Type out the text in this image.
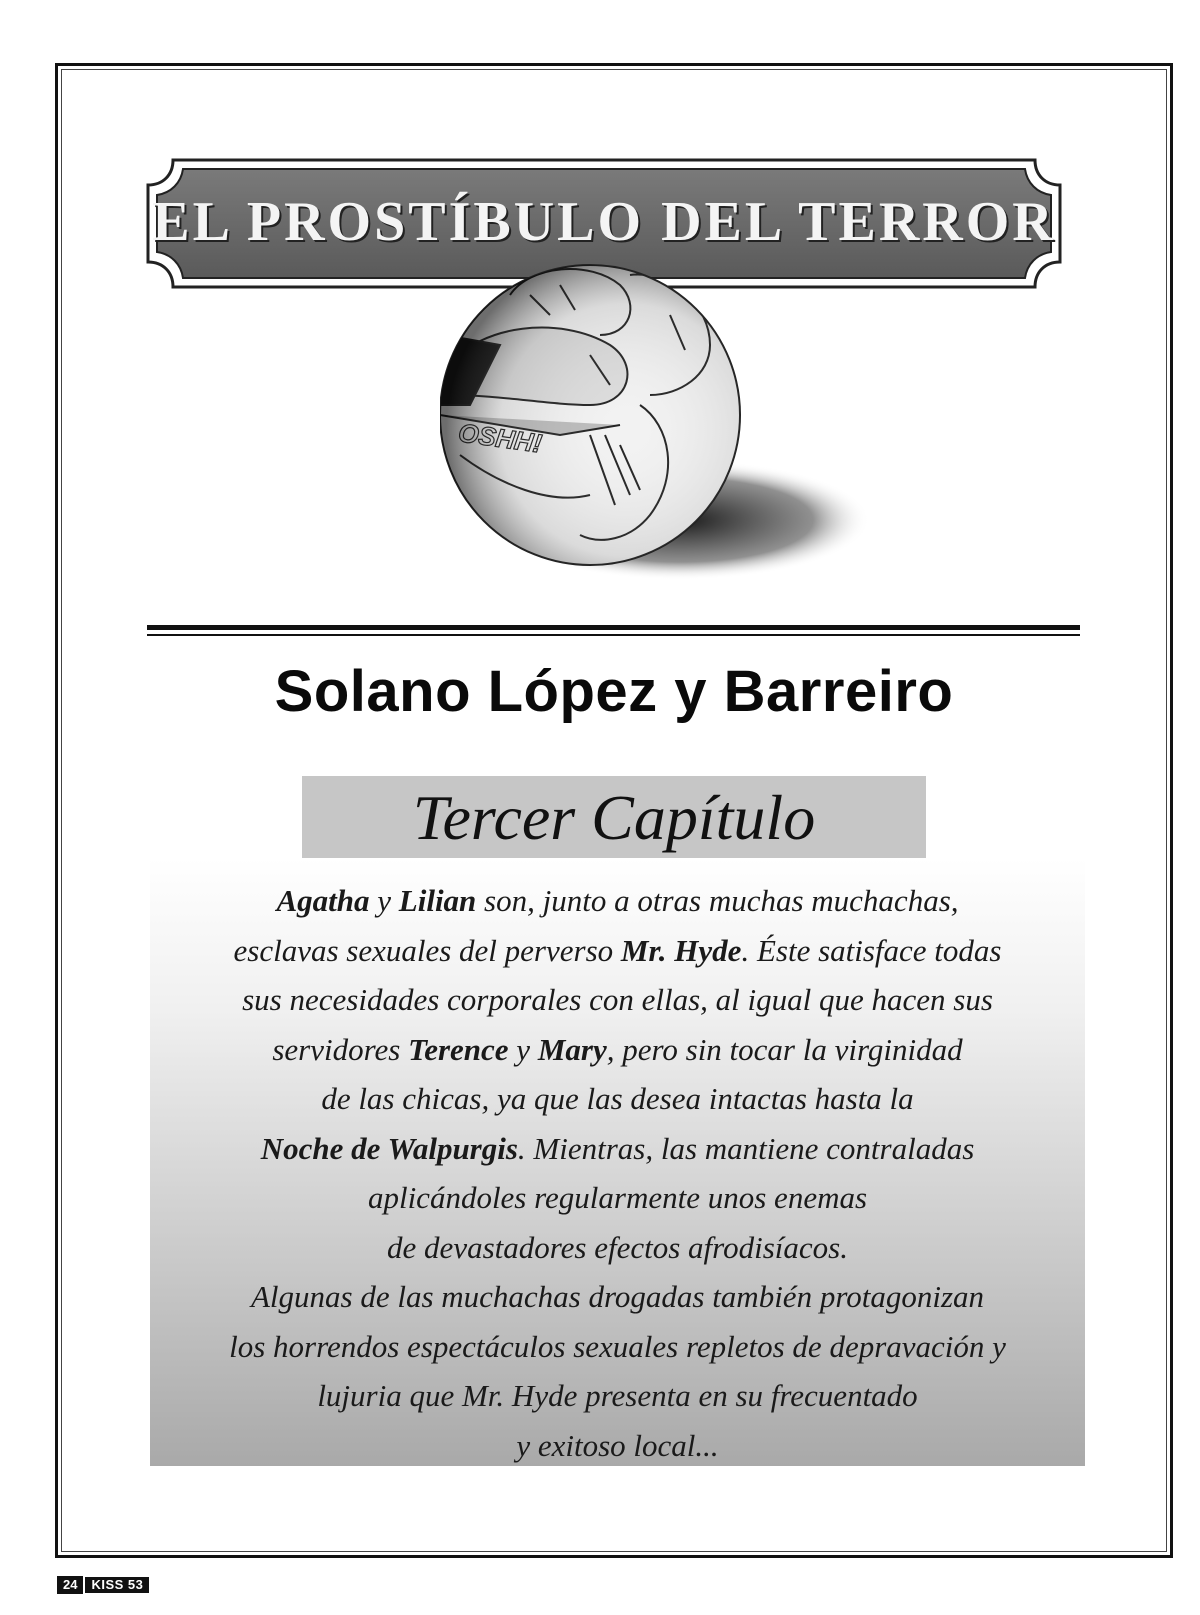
EL PROSTÍBULO DEL TERROR
Solano López y Barreiro
Tercer Capítulo
Agatha y Lilian son, junto a otras muchas muchachas,
esclavas sexuales del perverso Mr. Hyde. Éste satisface todas
sus necesidades corporales con ellas, al igual que hacen sus
servidores Terence y Mary, pero sin tocar la virginidad
de las chicas, ya que las desea intactas hasta la
Noche de Walpurgis. Mientras, las mantiene contraladas
aplicándoles regularmente unos enemas
de devastadores efectos afrodisíacos.
Algunas de las muchachas drogadas también protagonizan
los horrendos espectáculos sexuales repletos de depravación y
lujuria que Mr. Hyde presenta en su frecuentado
y exitoso local...
24	KISS 53
